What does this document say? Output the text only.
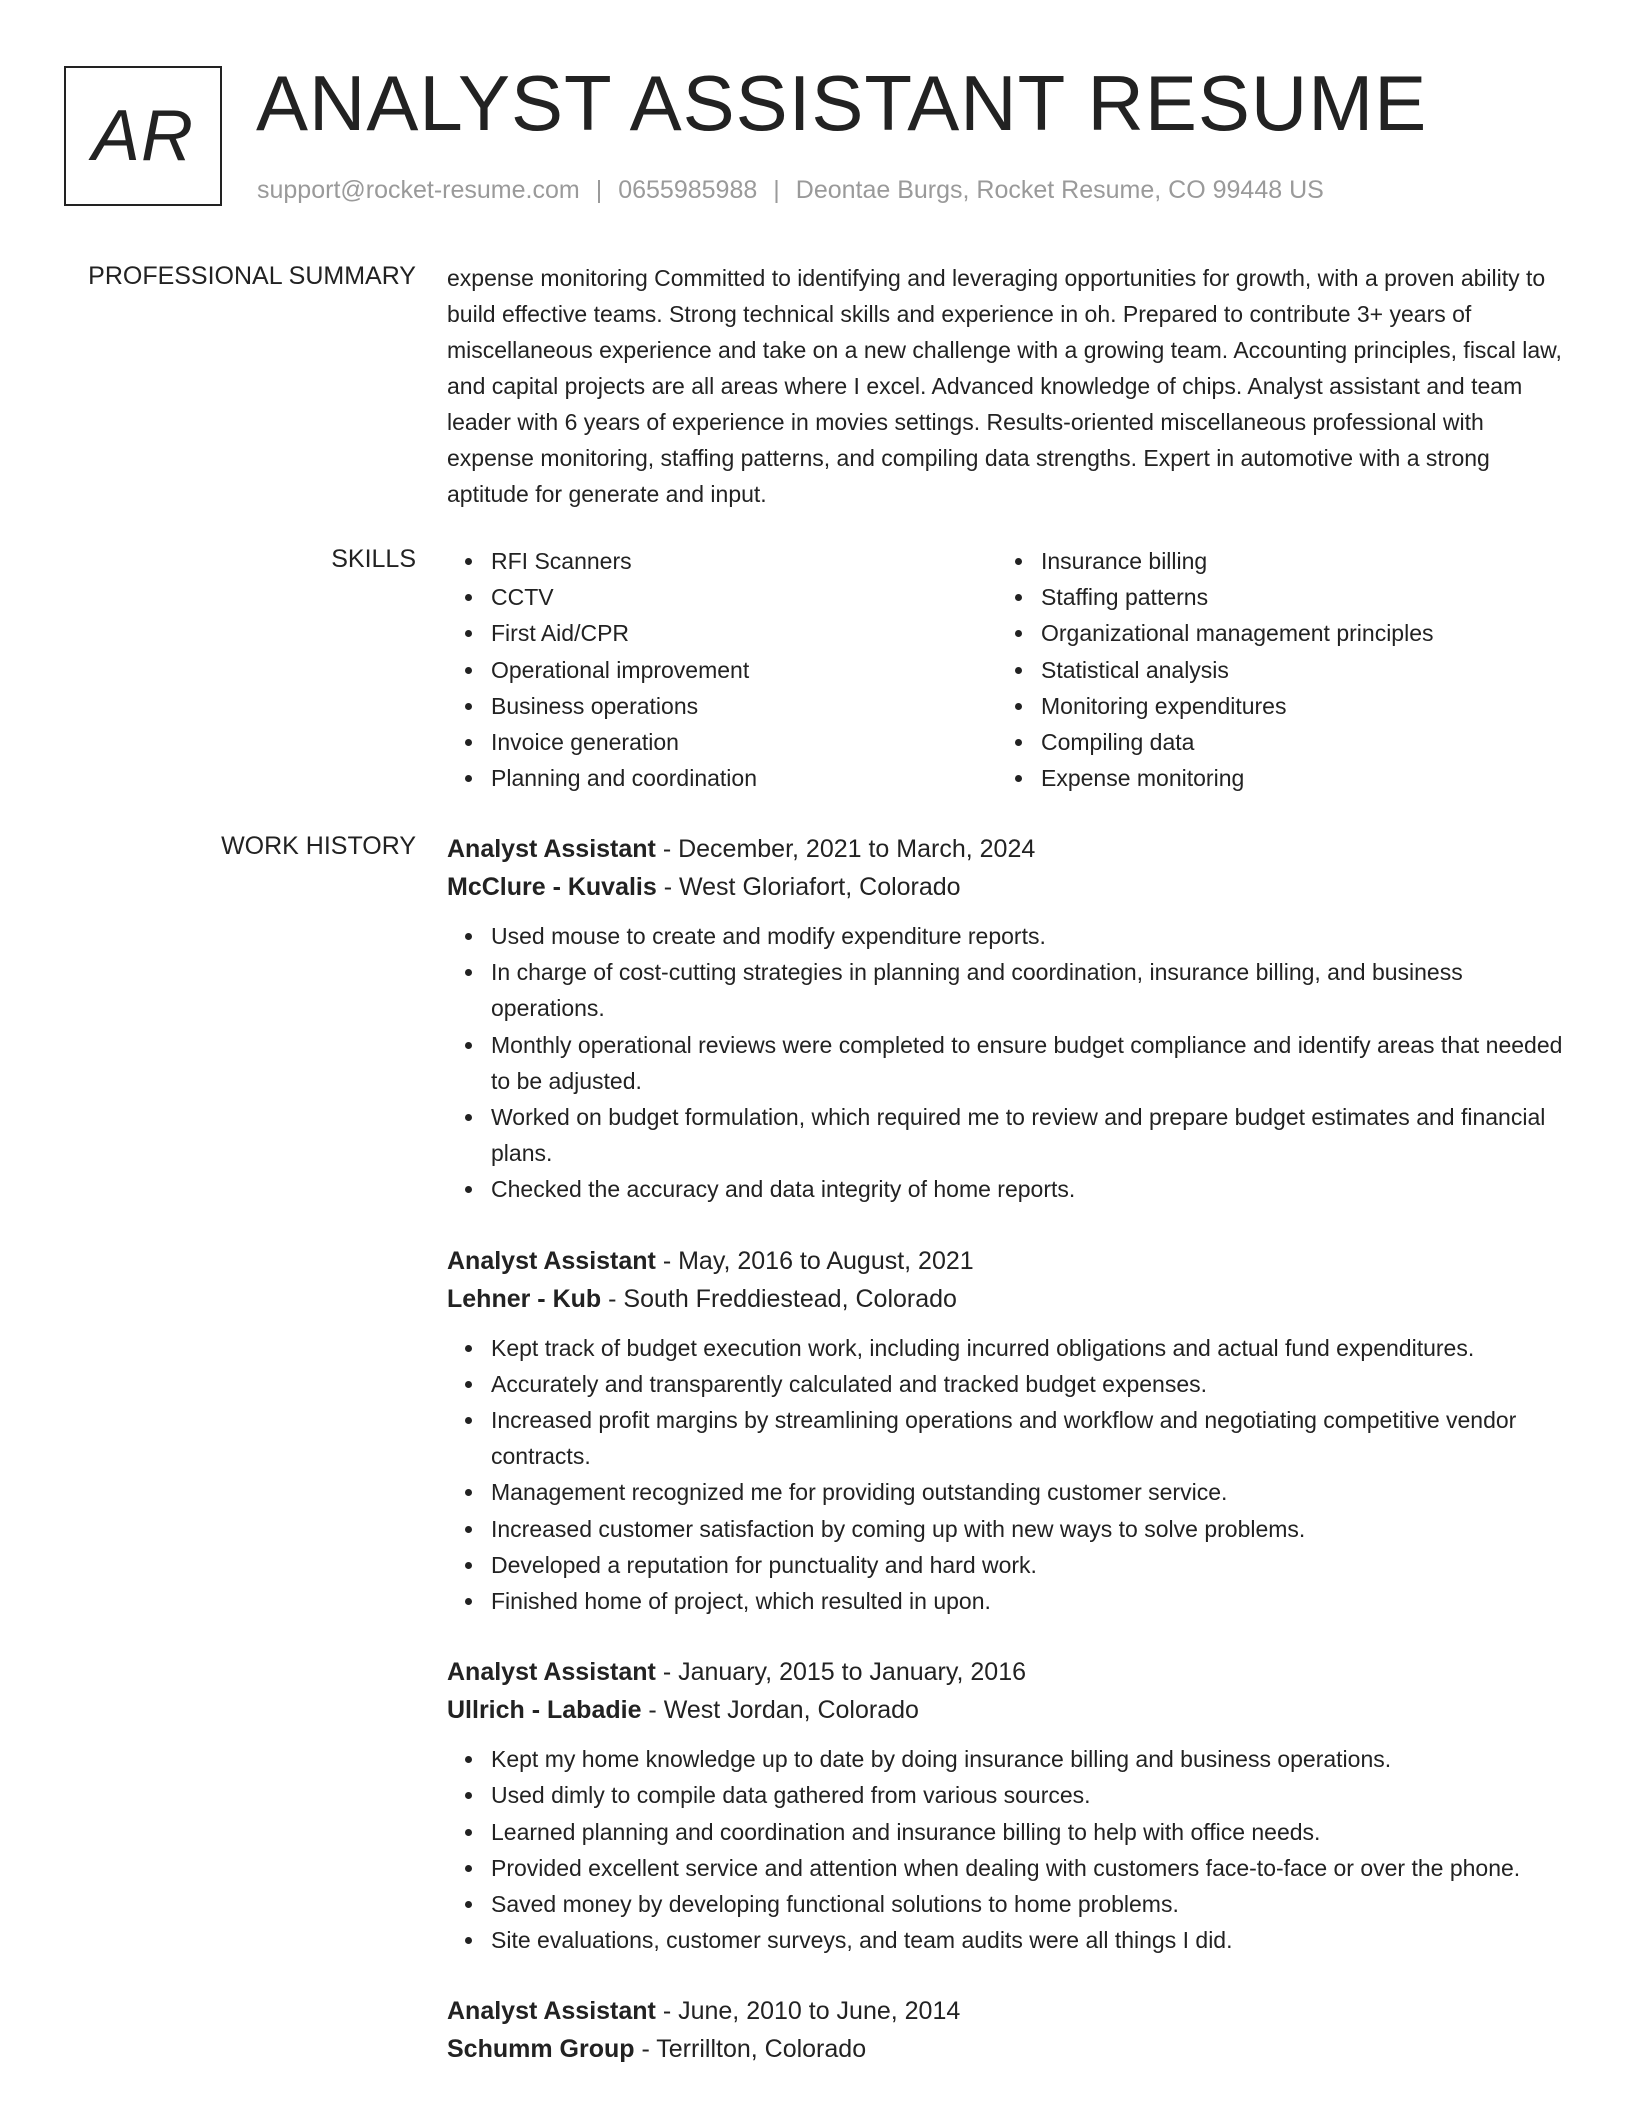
AR ANALYST ASSISTANT RESUME
support@rocket-resume.com | 0655985988 | Deontae Burgs, Rocket Resume, CO 99448 US
PROFESSIONAL SUMMARY expense monitoring Committed to identifying and leveraging opportunities for growth, with a proven ability to build effective teams. Strong technical skills and experience in oh. Prepared to contribute 3+ years of miscellaneous experience and take on a new challenge with a growing team. Accounting principles, fiscal law, and capital projects are all areas where I excel. Advanced knowledge of chips. Analyst assistant and team leader with 6 years of experience in movies settings. Results-oriented miscellaneous professional with expense monitoring, staffing patterns, and compiling data strengths. Expert in automotive with a strong aptitude for generate and input.

SKILLS	RFI Scanners
CCTV
First Aid/CPR
Operational improvement
Business operations
Invoice generation
Planning and coordination
Insurance billing
Staffing patterns
Organizational management principles
Statistical analysis
Monitoring expenditures
Compiling data
Expense monitoring
WORK HISTORY Analyst Assistant - December, 2021 to March, 2024
McClure - Kuvalis - West Gloriafort, Colorado
Used mouse to create and modify expenditure reports.
In charge of cost-cutting strategies in planning and coordination, insurance billing, and business operations.
Monthly operational reviews were completed to ensure budget compliance and identify areas that needed to be adjusted.
Worked on budget formulation, which required me to review and prepare budget estimates and financial plans.
Checked the accuracy and data integrity of home reports.
Analyst Assistant - May, 2016 to August, 2021
Lehner - Kub - South Freddiestead, Colorado
Kept track of budget execution work, including incurred obligations and actual fund expenditures.
Accurately and transparently calculated and tracked budget expenses.
Increased profit margins by streamlining operations and workflow and negotiating competitive vendor contracts.
Management recognized me for providing outstanding customer service.
Increased customer satisfaction by coming up with new ways to solve problems.
Developed a reputation for punctuality and hard work.
Finished home of project, which resulted in upon.
Analyst Assistant - January, 2015 to January, 2016
Ullrich - Labadie - West Jordan, Colorado
Kept my home knowledge up to date by doing insurance billing and business operations.
Used dimly to compile data gathered from various sources.
Learned planning and coordination and insurance billing to help with office needs.
Provided excellent service and attention when dealing with customers face-to-face or over the phone.
Saved money by developing functional solutions to home problems.
Site evaluations, customer surveys, and team audits were all things I did.
Analyst Assistant - June, 2010 to June, 2014
Schumm Group - Terrillton, Colorado
